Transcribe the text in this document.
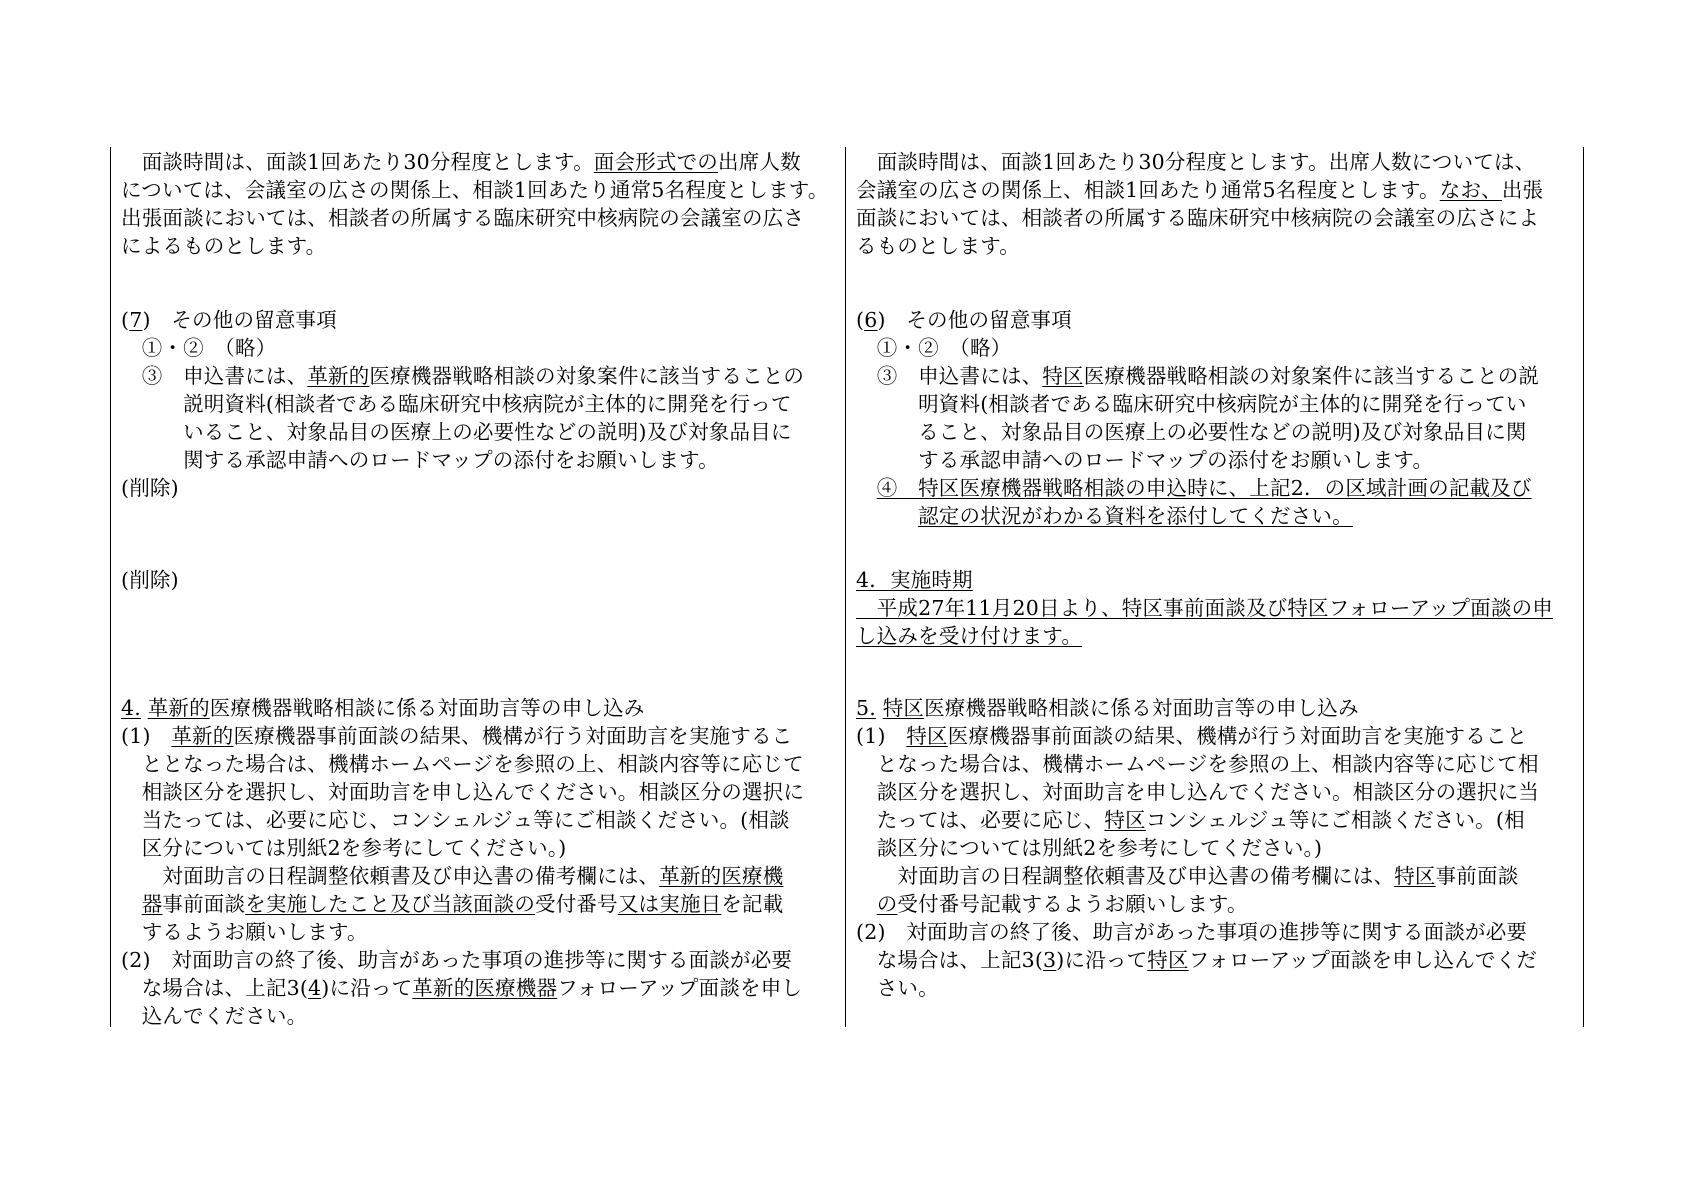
　面談時間は、面談1回あたり30分程度とします。面会形式での出席人数
については、会議室の広さの関係上、相談1回あたり通常5名程度とします。
出張面談においては、相談者の所属する臨床研究中核病院の会議室の広さ
によるものとします。
(7)　その他の留意事項
　①・②　（略）
　③　申込書には、革新的医療機器戦略相談の対象案件に該当することの
　　　説明資料(相談者である臨床研究中核病院が主体的に開発を行って
　　　いること、対象品目の医療上の必要性などの説明)及び対象品目に
　　　関する承認申請へのロードマップの添付をお願いします。
(削除)
(削除)
4. 革新的医療機器戦略相談に係る対面助言等の申し込み
(1)　革新的医療機器事前面談の結果、機構が行う対面助言を実施するこ
　ととなった場合は、機構ホームページを参照の上、相談内容等に応じて
　相談区分を選択し、対面助言を申し込んでください。相談区分の選択に
　当たっては、必要に応じ、コンシェルジュ等にご相談ください。(相談
　区分については別紙2を参考にしてください。)
　　対面助言の日程調整依頼書及び申込書の備考欄には、革新的医療機
　器事前面談を実施したこと及び当該面談の受付番号又は実施日を記載
　するようお願いします。
(2)　対面助言の終了後、助言があった事項の進捗等に関する面談が必要
　な場合は、上記3(4)に沿って革新的医療機器フォローアップ面談を申し
　込んでください。
　面談時間は、面談1回あたり30分程度とします。出席人数については、
会議室の広さの関係上、相談1回あたり通常5名程度とします。なお、出張
面談においては、相談者の所属する臨床研究中核病院の会議室の広さによ
るものとします。
(6)　その他の留意事項
　①・②　（略）
　③　申込書には、特区医療機器戦略相談の対象案件に該当することの説
　　　明資料(相談者である臨床研究中核病院が主体的に開発を行ってい
　　　ること、対象品目の医療上の必要性などの説明)及び対象品目に関
　　　する承認申請へのロードマップの添付をお願いします。
　④　特区医療機器戦略相談の申込時に、上記2．の区域計画の記載及び
　　　認定の状況がわかる資料を添付してください。
4．実施時期
　平成27年11月20日より、特区事前面談及び特区フォローアップ面談の申
し込みを受け付けます。
5. 特区医療機器戦略相談に係る対面助言等の申し込み
(1)　特区医療機器事前面談の結果、機構が行う対面助言を実施すること
　となった場合は、機構ホームページを参照の上、相談内容等に応じて相
　談区分を選択し、対面助言を申し込んでください。相談区分の選択に当
　たっては、必要に応じ、特区コンシェルジュ等にご相談ください。(相
　談区分については別紙2を参考にしてください。)
　　対面助言の日程調整依頼書及び申込書の備考欄には、特区事前面談
　の受付番号記載するようお願いします。
(2)　対面助言の終了後、助言があった事項の進捗等に関する面談が必要
　な場合は、上記3(3)に沿って特区フォローアップ面談を申し込んでくだ
　さい。
